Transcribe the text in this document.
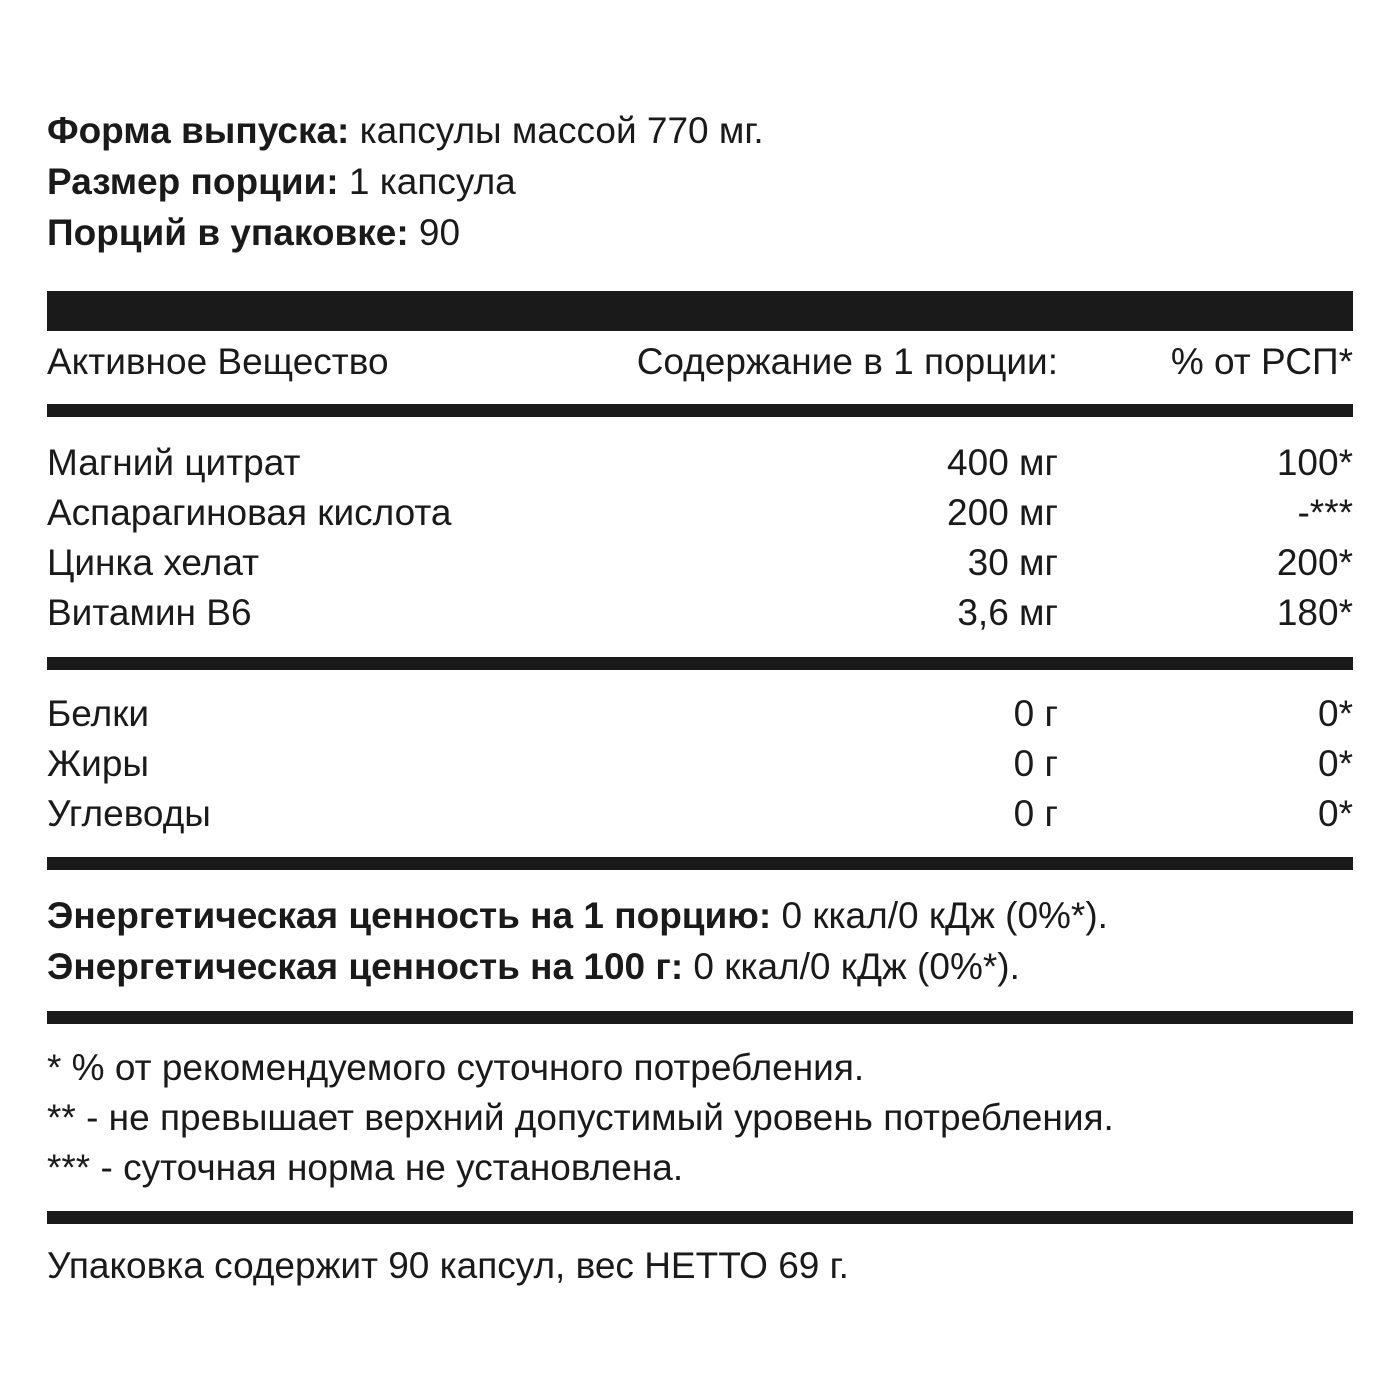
Форма выпуска: капсулы массой 770 мг.
Размер порции: 1 капсула
Порций в упаковке: 90
Активное Вещество	Содержание в 1 порции:	% от РСП*
Магний цитрат	400 мг	100*
Аспарагиновая кислота	200 мг	-***
Цинка хелат	30 мг	200*
Витамин В6	3,6 мг	180*
Белки	0 г	0*
Жиры	0 г	0*
Углеводы	0 г	0*
Энергетическая ценность на 1 порцию: 0 ккал/0 кДж (0%*).
Энергетическая ценность на 100 г: 0 ккал/0 кДж (0%*).
* % от рекомендуемого суточного потребления.
** - не превышает верхний допустимый уровень потребления.
*** - суточная норма не установлена.
Упаковка содержит 90 капсул, вес НЕТТО 69 г.
